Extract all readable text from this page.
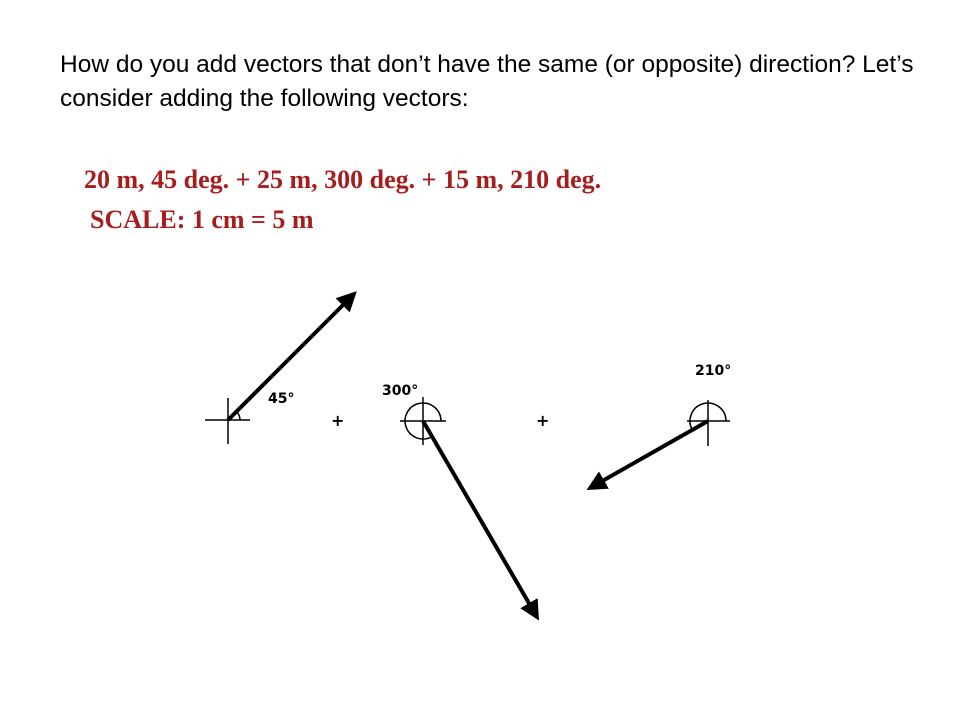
How do you add vectors that don’t have the same (or opposite) direction? Let’s consider adding the following vectors:
20 m, 45 deg. + 25 m, 300 deg. + 15 m, 210 deg.
SCALE: 1 cm = 5 m
45°
+
300°
+
210°
